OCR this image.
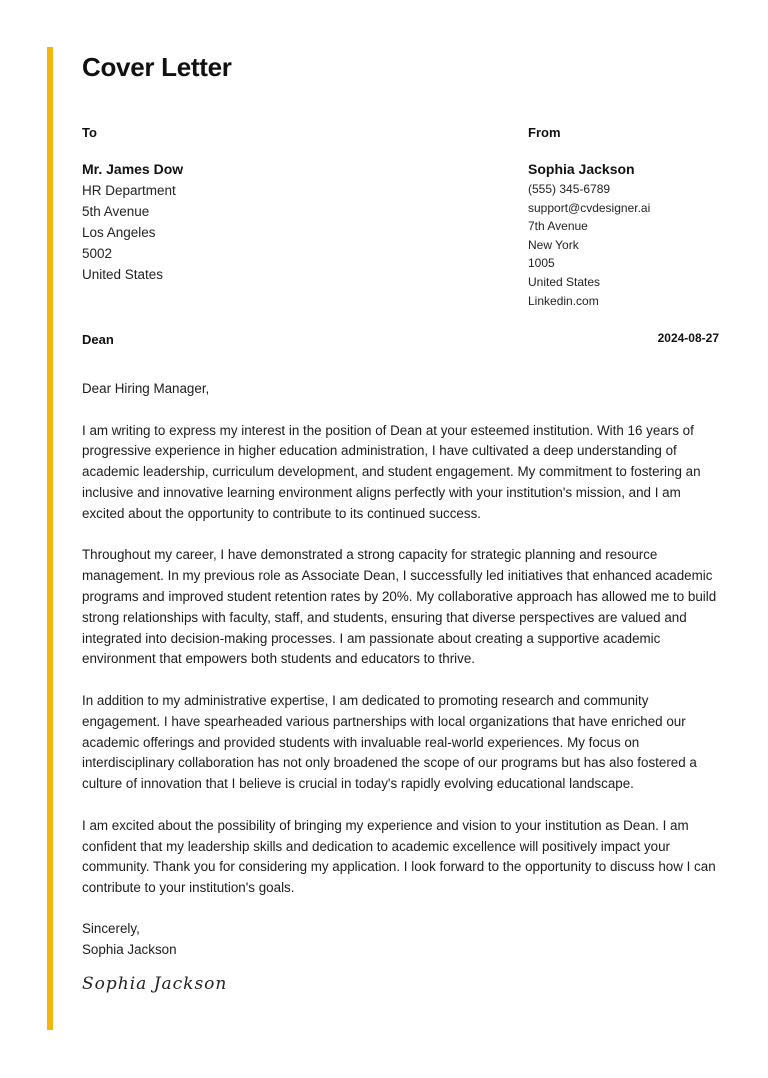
Cover Letter
To	From
Mr. James Dow
HR Department
5th Avenue
Los Angeles
5002
United States
Sophia Jackson
(555) 345-6789
support@cvdesigner.ai
7th Avenue
New York
1005
United States
Linkedin.com
Dean	2024-08-27

Dear Hiring Manager,

I am writing to express my interest in the position of Dean at your esteemed institution. With 16 years of progressive experience in higher education administration, I have cultivated a deep understanding of academic leadership, curriculum development, and student engagement. My commitment to fostering an inclusive and innovative learning environment aligns perfectly with your institution's mission, and I am excited about the opportunity to contribute to its continued success.

Throughout my career, I have demonstrated a strong capacity for strategic planning and resource management. In my previous role as Associate Dean, I successfully led initiatives that enhanced academic programs and improved student retention rates by 20%. My collaborative approach has allowed me to build strong relationships with faculty, staff, and students, ensuring that diverse perspectives are valued and integrated into decision-making processes. I am passionate about creating a supportive academic environment that empowers both students and educators to thrive.

In addition to my administrative expertise, I am dedicated to promoting research and community engagement. I have spearheaded various partnerships with local organizations that have enriched our academic offerings and provided students with invaluable real-world experiences. My focus on interdisciplinary collaboration has not only broadened the scope of our programs but has also fostered a culture of innovation that I believe is crucial in today's rapidly evolving educational landscape.

I am excited about the possibility of bringing my experience and vision to your institution as Dean. I am confident that my leadership skills and dedication to academic excellence will positively impact your community. Thank you for considering my application. I look forward to the opportunity to discuss how I can contribute to your institution's goals.

Sincerely,
Sophia Jackson
Sophia Jackson
